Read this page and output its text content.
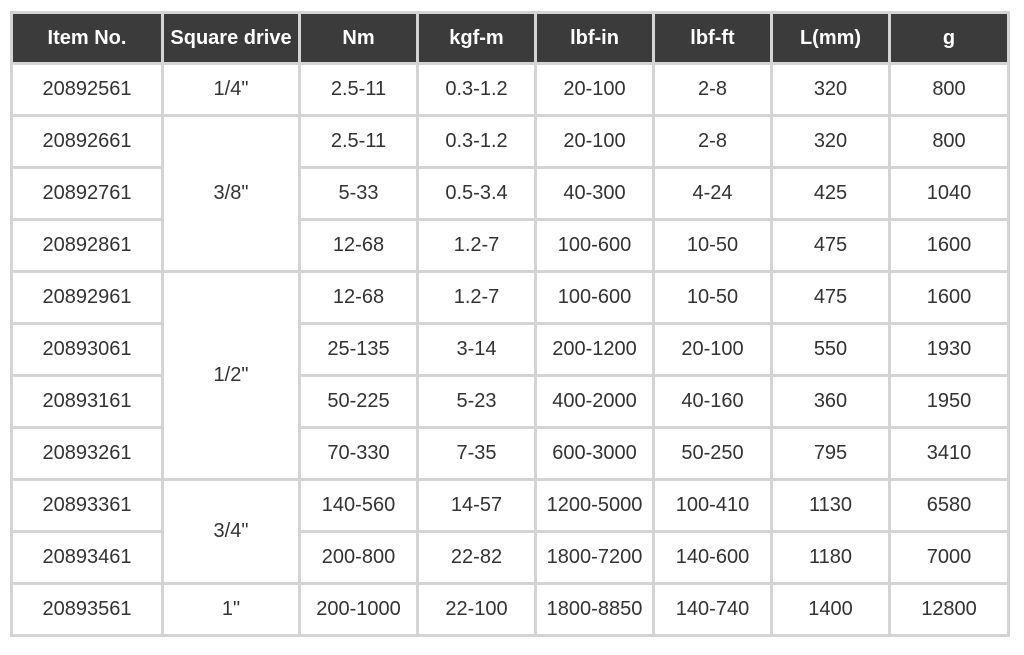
Item No.	Square drive	Nm	kgf-m	lbf-in	lbf-ft	L(mm)	g
20892561	1/4"	2.5-11	0.3-1.2	20-100	2-8	320	800
20892661	3/8"	2.5-11	0.3-1.2	20-100	2-8	320	800
20892761		5-33	0.5-3.4	40-300	4-24	425	1040
20892861		12-68	1.2-7	100-600	10-50	475	1600
20892961	1/2"	12-68	1.2-7	100-600	10-50	475	1600
20893061		25-135	3-14	200-1200	20-100	550	1930
20893161		50-225	5-23	400-2000	40-160	360	1950
20893261		70-330	7-35	600-3000	50-250	795	3410
20893361	3/4"	140-560	14-57	1200-5000	100-410	1130	6580
20893461		200-800	22-82	1800-7200	140-600	1180	7000
20893561	1"	200-1000	22-100	1800-8850	140-740	1400	12800
